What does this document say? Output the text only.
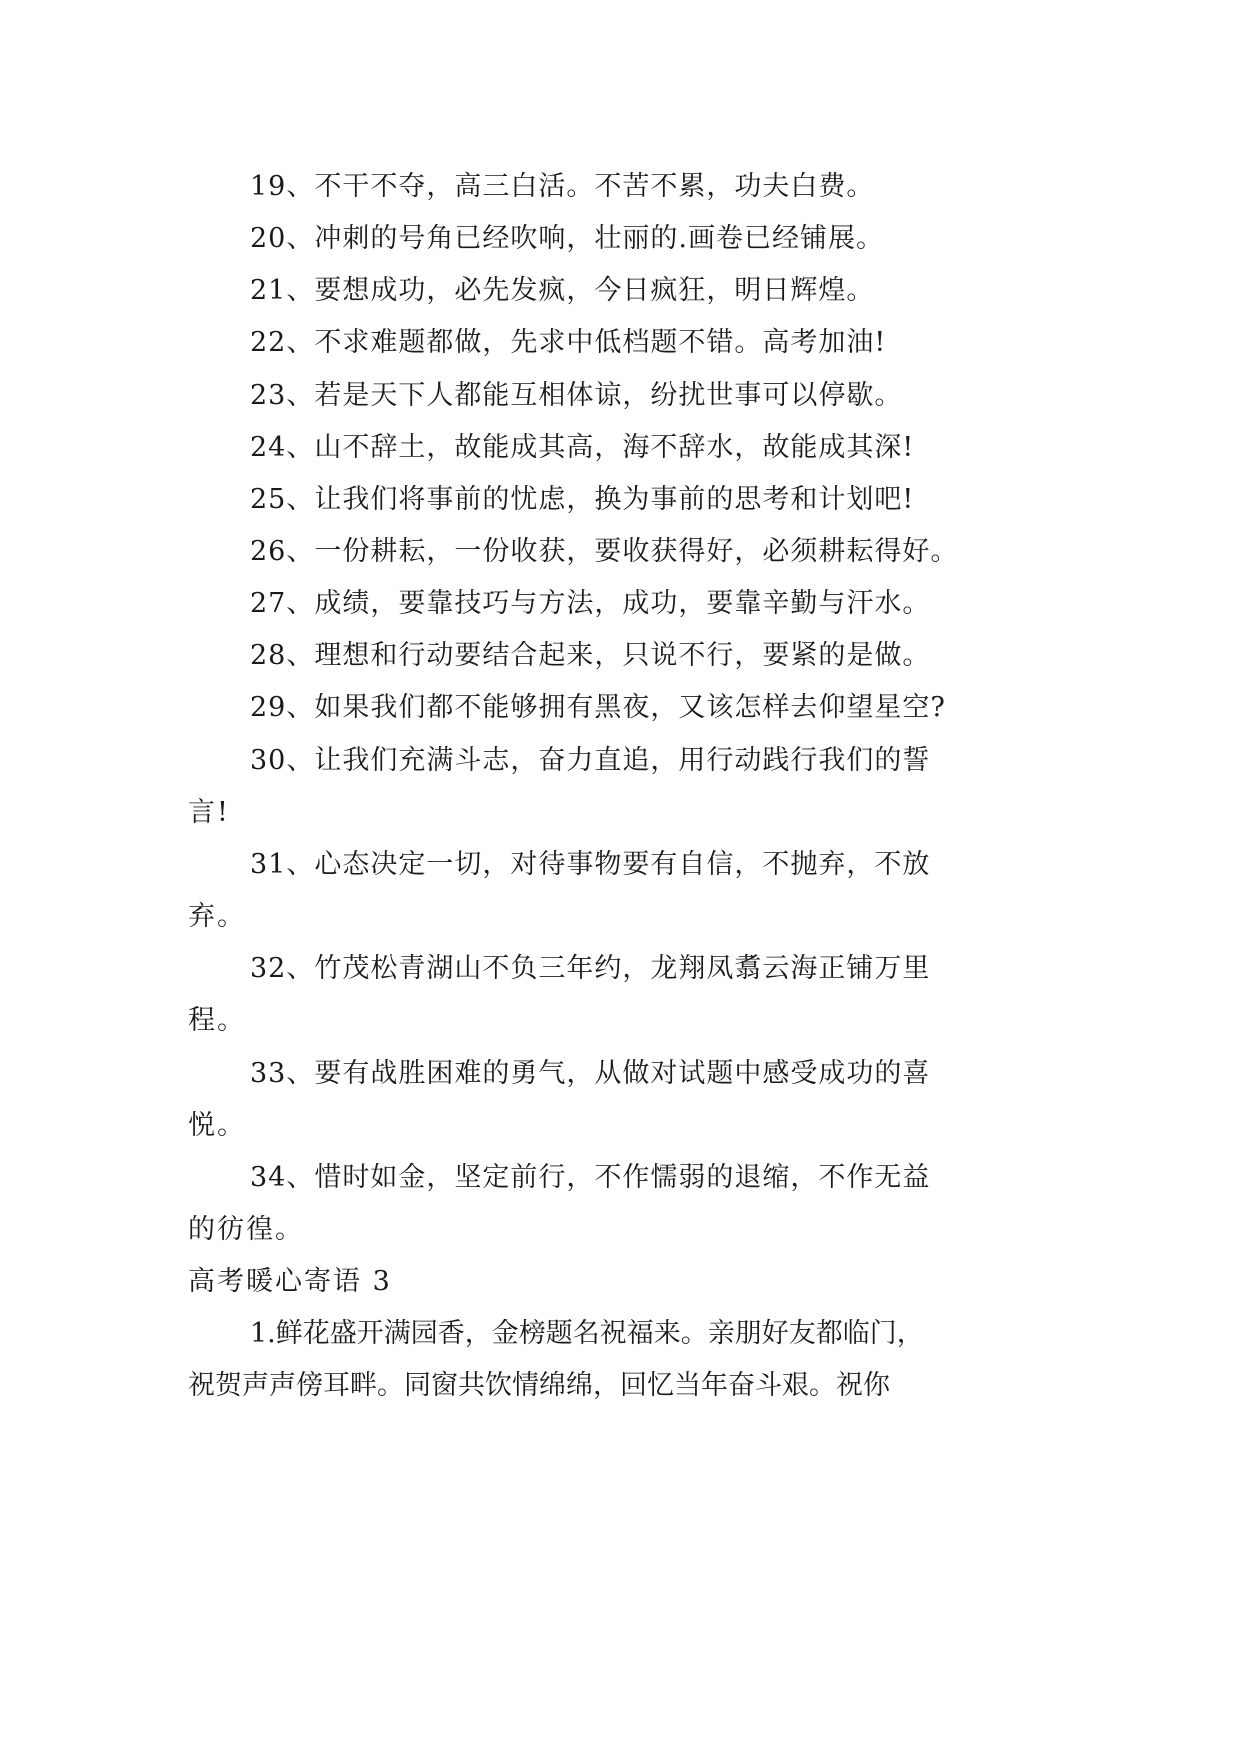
19、不干不夺，高三白活。不苦不累，功夫白费。
20、冲刺的号角已经吹响，壮丽的.画卷已经铺展。
21、要想成功，必先发疯，今日疯狂，明日辉煌。
22、不求难题都做，先求中低档题不错。高考加油!
23、若是天下人都能互相体谅，纷扰世事可以停歇。
24、山不辞土，故能成其高，海不辞水，故能成其深!
25、让我们将事前的忧虑，换为事前的思考和计划吧!
26、一份耕耘，一份收获，要收获得好，必须耕耘得好。
27、成绩，要靠技巧与方法，成功，要靠辛勤与汗水。
28、理想和行动要结合起来，只说不行，要紧的是做。
29、如果我们都不能够拥有黑夜，又该怎样去仰望星空?
30、让我们充满斗志，奋力直追，用行动践行我们的誓
言!
31、心态决定一切，对待事物要有自信，不抛弃，不放
弃。
32、竹茂松青湖山不负三年约，龙翔凤翥云海正铺万里
程。
33、要有战胜困难的勇气，从做对试题中感受成功的喜
悦。
34、惜时如金，坚定前行，不作懦弱的退缩，不作无益
的彷徨。
高考暖心寄语 3
1.鲜花盛开满园香，金榜题名祝福来。亲朋好友都临门，
祝贺声声傍耳畔。同窗共饮情绵绵，回忆当年奋斗艰。祝你
